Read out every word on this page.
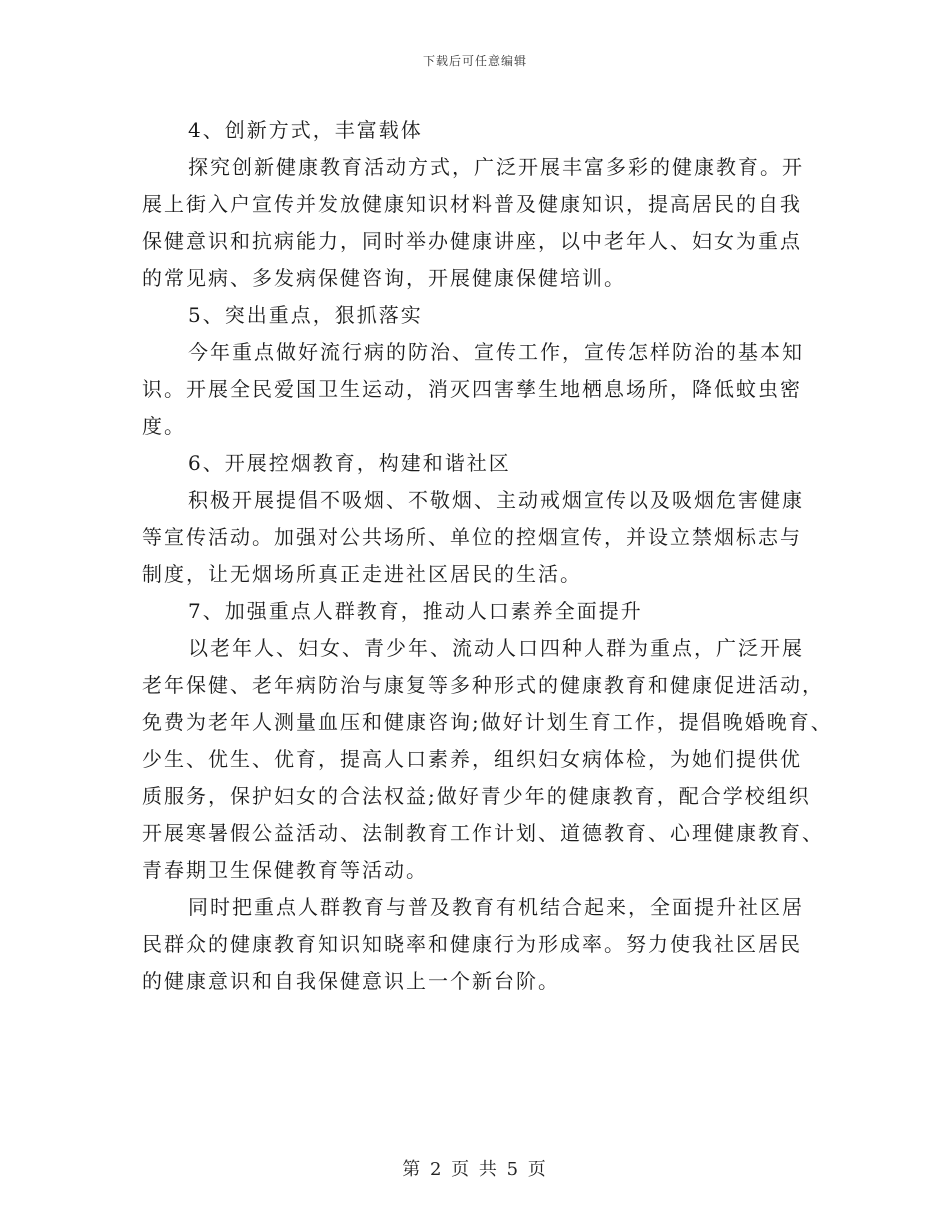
下载后可任意编辑
4、创新方式，丰富载体
探究创新健康教育活动方式，广泛开展丰富多彩的健康教育。开
展上街入户宣传并发放健康知识材料普及健康知识，提高居民的自我
保健意识和抗病能力，同时举办健康讲座，以中老年人、妇女为重点
的常见病、多发病保健咨询，开展健康保健培训。
5、突出重点，狠抓落实
今年重点做好流行病的防治、宣传工作，宣传怎样防治的基本知
识。开展全民爱国卫生运动，消灭四害孳生地栖息场所，降低蚊虫密
度。
6、开展控烟教育，构建和谐社区
积极开展提倡不吸烟、不敬烟、主动戒烟宣传以及吸烟危害健康
等宣传活动。加强对公共场所、单位的控烟宣传，并设立禁烟标志与
制度，让无烟场所真正走进社区居民的生活。
7、加强重点人群教育，推动人口素养全面提升
以老年人、妇女、青少年、流动人口四种人群为重点，广泛开展
老年保健、老年病防治与康复等多种形式的健康教育和健康促进活动，
免费为老年人测量血压和健康咨询;做好计划生育工作，提倡晚婚晚育、
少生、优生、优育，提高人口素养，组织妇女病体检，为她们提供优
质服务，保护妇女的合法权益;做好青少年的健康教育，配合学校组织
开展寒暑假公益活动、法制教育工作计划、道德教育、心理健康教育、
青春期卫生保健教育等活动。
同时把重点人群教育与普及教育有机结合起来，全面提升社区居
民群众的健康教育知识知晓率和健康行为形成率。努力使我社区居民
的健康意识和自我保健意识上一个新台阶。
第 2 页 共 5 页
